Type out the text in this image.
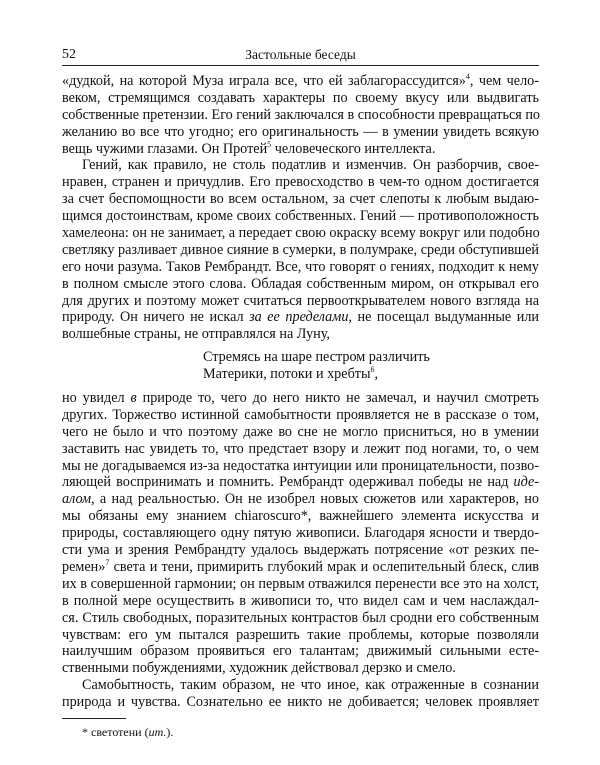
52	Застольные беседы
«дудкой, на которой Муза играла все, что ей заблагорассудится»$^4$, чем чело-
веком, стремящимся создавать характеры по своему вкусу или выдвигать
собственные претензии. Его гений заключался в способности превращаться по
желанию во все что угодно; его оригинальность — в умении увидеть всякую
вещь чужими глазами. Он Протей$^5$ человеческого интеллекта.
Гений, как правило, не столь податлив и изменчив. Он разборчив, свое-
нравен, странен и причудлив. Его превосходство в чем-то одном достигается
за счет беспомощности во всем остальном, за счет слепоты к любым выдаю-
щимся достоинствам, кроме своих собственных. Гений — противоположность
хамелеона: он не занимает, а передает свою окраску всему вокруг или подобно
светляку разливает дивное сияние в сумерки, в полумраке, среди обступившей
его ночи разума. Таков Рембрандт. Все, что говорят о гениях, подходит к нему
в полном смысле этого слова. Обладая собственным миром, он открывал его
для других и поэтому может считаться первооткрывателем нового взгляда на
природу. Он ничего не искал за ее пределами, не посещал выдуманные или
волшебные страны, не отправлялся на Луну,
Стремясь на шаре пестром различить
Материки, потоки и хребты$^6$,
но увидел в природе то, чего до него никто не замечал, и научил смотреть
других. Торжество истинной самобытности проявляется не в рассказе о том,
чего не было и что поэтому даже во сне не могло присниться, но в умении
заставить нас увидеть то, что предстает взору и лежит под ногами, то, о чем
мы не догадываемся из-за недостатка интуиции или проницательности, позво-
ляющей воспринимать и помнить. Рембрандт одерживал победы не над иде-
алом, а над реальностью. Он не изобрел новых сюжетов или характеров, но
мы обязаны ему знанием chiaroscuro*, важнейшего элемента искусства и
природы, составляющего одну пятую живописи. Благодаря ясности и твердо-
сти ума и зрения Рембрандту удалось выдержать потрясение «от резких пе-
ремен»$^7$ света и тени, примирить глубокий мрак и ослепительный блеск, слив
их в совершенной гармонии; он первым отважился перенести все это на холст,
в полной мере осуществить в живописи то, что видел сам и чем наслаждал-
ся. Стиль свободных, поразительных контрастов был сродни его собственным
чувствам: его ум пытался разрешить такие проблемы, которые позволяли
наилучшим образом проявиться его талантам; движимый сильными есте-
ственными побуждениями, художник действовал дерзко и смело.
Самобытность, таким образом, не что иное, как отраженные в сознании
природа и чувства. Сознательно ее никто не добивается; человек проявляет
* светотени (ит.).
